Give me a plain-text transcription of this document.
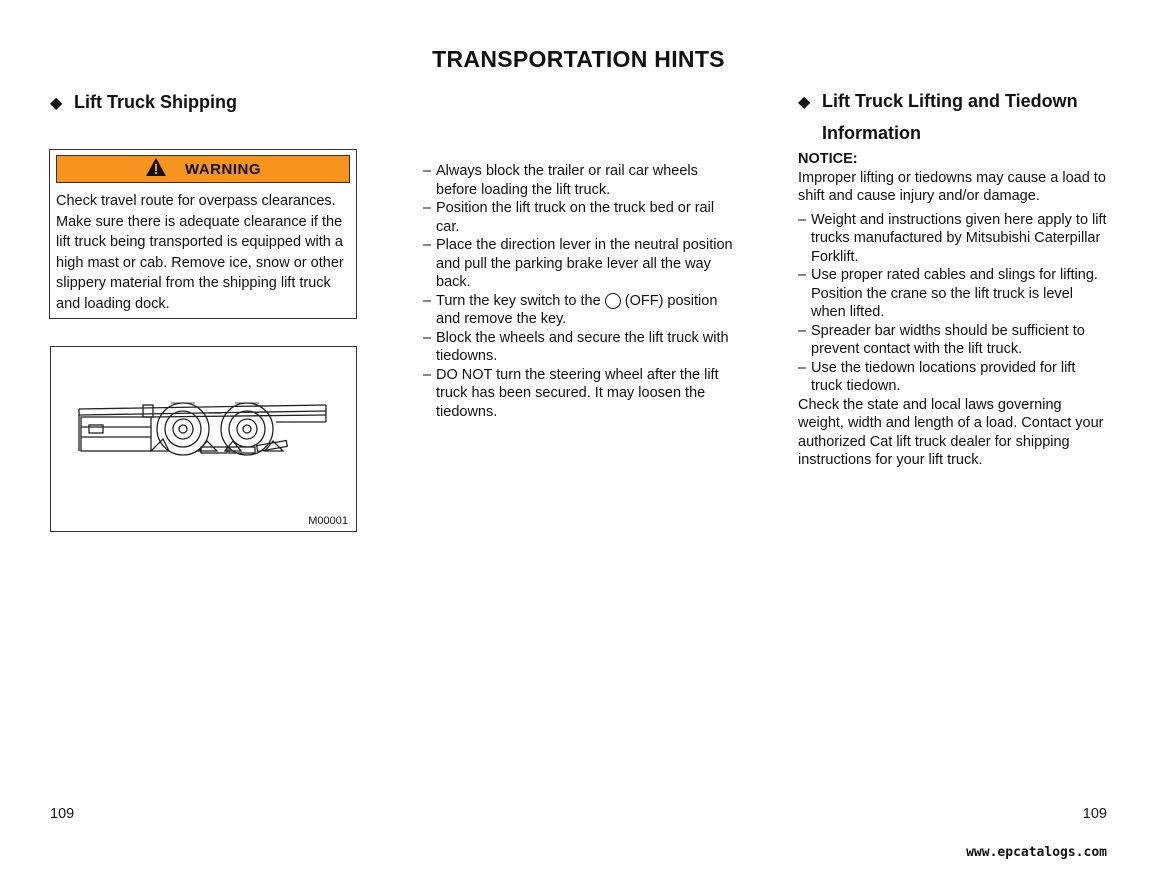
TRANSPORTATION HINTS
◆ Lift Truck Shipping
WARNING
Check travel route for overpass clearances. Make sure there is adequate clearance if the lift truck being transported is equipped with a high mast or cab. Remove ice, snow or other slippery material from the shipping lift truck and loading dock.
M00001
– Always block the trailer or rail car wheels before loading the lift truck.
– Position the lift truck on the truck bed or rail car.
– Place the direction lever in the neutral position and pull the parking brake lever all the way back.
– Turn the key switch to the (OFF) position and remove the key.
– Block the wheels and secure the lift truck with tiedowns.
– DO NOT turn the steering wheel after the lift truck has been secured. It may loosen the tiedowns.
◆ Lift Truck Lifting and Tiedown
Information
NOTICE:
Improper lifting or tiedowns may cause a load to shift and cause injury and/or damage.
– Weight and instructions given here apply to lift trucks manufactured by Mitsubishi Caterpillar Forklift.
– Use proper rated cables and slings for lifting. Position the crane so the lift truck is level when lifted.
– Spreader bar widths should be sufficient to prevent contact with the lift truck.
– Use the tiedown locations provided for lift truck tiedown.
Check the state and local laws governing weight, width and length of a load. Contact your authorized Cat lift truck dealer for shipping instructions for your lift truck.
109	109
www.epcatalogs.com
